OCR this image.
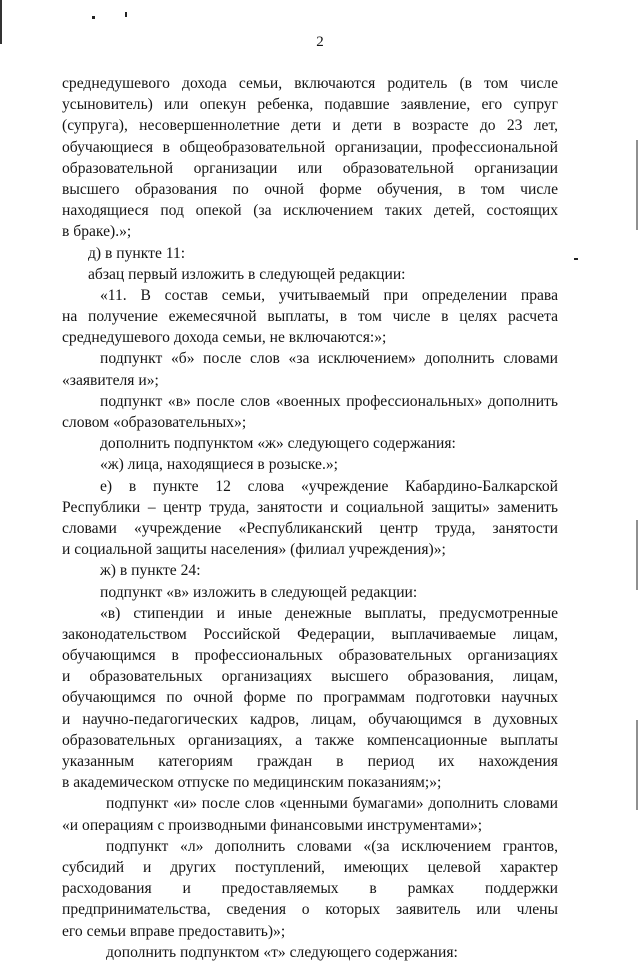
2
среднедушевого дохода семьи, включаются родитель (в том числе
усыновитель) или опекун ребенка, подавшие заявление, его супруг
(супруга), несовершеннолетние дети и дети в возрасте до 23 лет,
обучающиеся в общеобразовательной организации, профессиональной
образовательной организации или образовательной организации
высшего образования по очной форме обучения, в том числе
находящиеся под опекой (за исключением таких детей, состоящих
в браке).»;
д) в пункте 11:
абзац первый изложить в следующей редакции:
«11. В состав семьи, учитываемый при определении права
на получение ежемесячной выплаты, в том числе в целях расчета
среднедушевого дохода семьи, не включаются:»;
подпункт «б» после слов «за исключением» дополнить словами
«заявителя и»;
подпункт «в» после слов «военных профессиональных» дополнить
словом «образовательных»;
дополнить подпунктом «ж» следующего содержания:
«ж) лица, находящиеся в розыске.»;
е) в пункте 12 слова «учреждение Кабардино-Балкарской
Республики – центр труда, занятости и социальной защиты» заменить
словами «учреждение «Республиканский центр труда, занятости
и социальной защиты населения» (филиал учреждения)»;
ж) в пункте 24:
подпункт «в» изложить в следующей редакции:
«в) стипендии и иные денежные выплаты, предусмотренные
законодательством Российской Федерации, выплачиваемые лицам,
обучающимся в профессиональных образовательных организациях
и образовательных организациях высшего образования, лицам,
обучающимся по очной форме по программам подготовки научных
и научно-педагогических кадров, лицам, обучающимся в духовных
образовательных организациях, а также компенсационные выплаты
указанным категориям граждан в период их нахождения
в академическом отпуске по медицинским показаниям;»;
подпункт «и» после слов «ценными бумагами» дополнить словами
«и операциям с производными финансовыми инструментами»;
подпункт «л» дополнить словами «(за исключением грантов,
субсидий и других поступлений, имеющих целевой характер
расходования и предоставляемых в рамках поддержки
предпринимательства, сведения о которых заявитель или члены
его семьи вправе предоставить)»;
дополнить подпунктом «т» следующего содержания:
